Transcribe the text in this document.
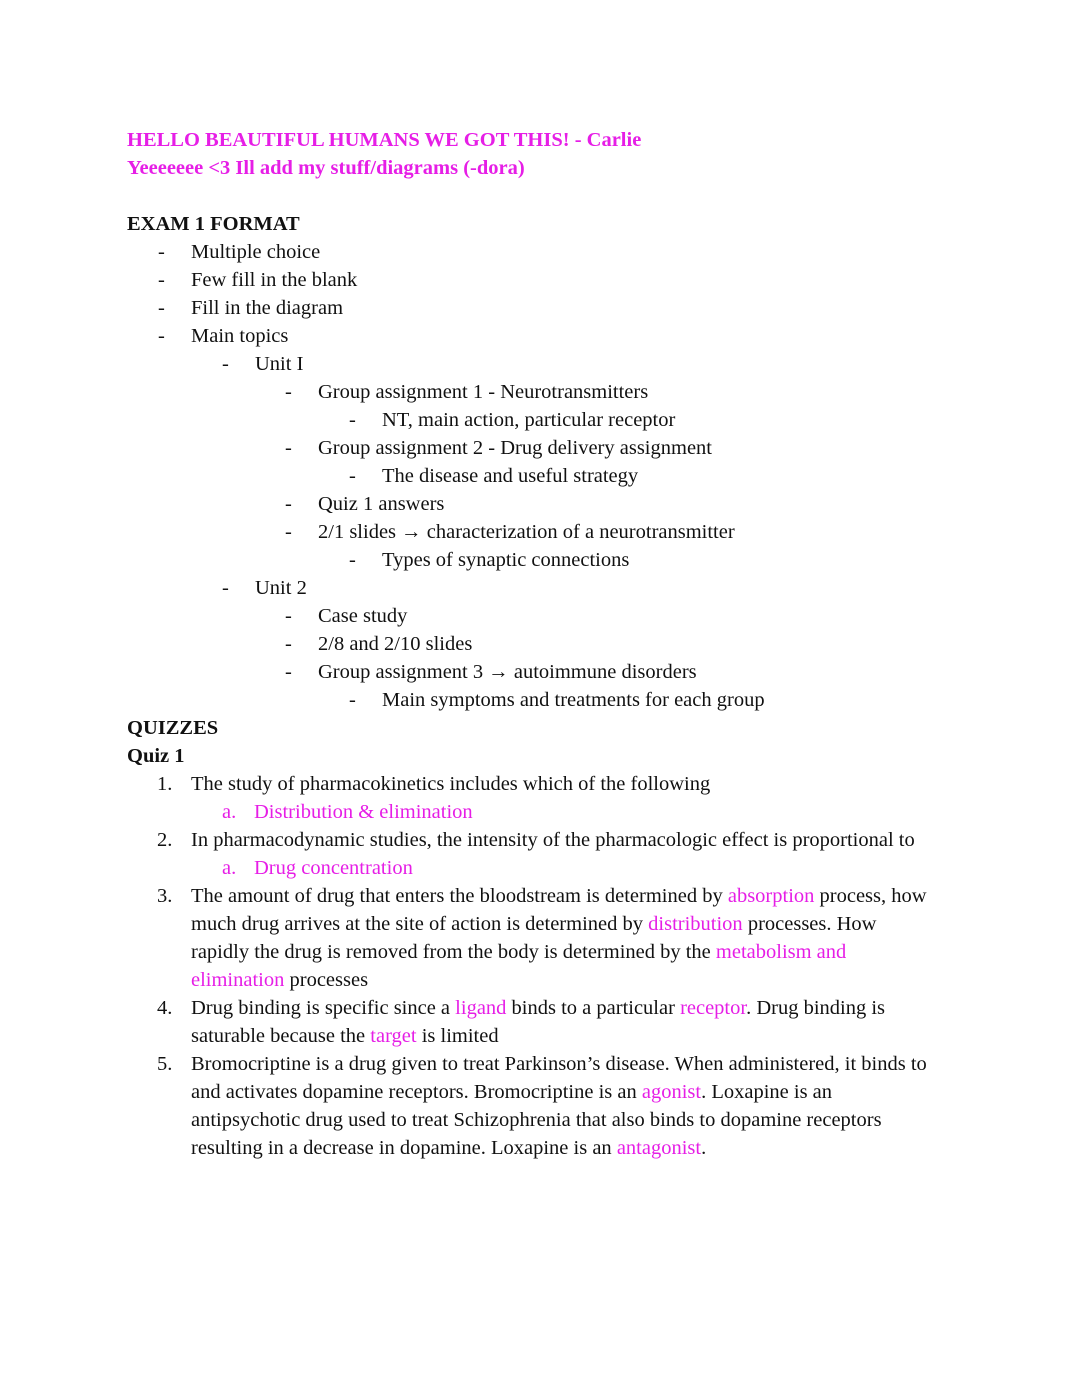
HELLO BEAUTIFUL HUMANS WE GOT THIS! - Carlie
Yeeeeeee <3 Ill add my stuff/diagrams (-dora)
EXAM 1 FORMAT
-	Multiple choice
-	Few fill in the blank
-	Fill in the diagram
-	Main topics
-	Unit I
-	Group assignment 1 - Neurotransmitters
-	NT, main action, particular receptor
-	Group assignment 2 - Drug delivery assignment
-	The disease and useful strategy
-	Quiz 1 answers
-	2/1 slides → characterization of a neurotransmitter
-	Types of synaptic connections
-	Unit 2
-	Case study
-	2/8 and 2/10 slides
-	Group assignment 3 → autoimmune disorders
-	Main symptoms and treatments for each group
QUIZZES
Quiz 1
1. The study of pharmacokinetics includes which of the following
a. Distribution & elimination
2. In pharmacodynamic studies, the intensity of the pharmacologic effect is proportional to
a. Drug concentration
3. The amount of drug that enters the bloodstream is determined by absorption process, how
much drug arrives at the site of action is determined by distribution processes. How
rapidly the drug is removed from the body is determined by the metabolism and
elimination processes
4. Drug binding is specific since a ligand binds to a particular receptor. Drug binding is
saturable because the target is limited
5. Bromocriptine is a drug given to treat Parkinson’s disease. When administered, it binds to
and activates dopamine receptors. Bromocriptine is an agonist. Loxapine is an
antipsychotic drug used to treat Schizophrenia that also binds to dopamine receptors
resulting in a decrease in dopamine. Loxapine is an antagonist.
